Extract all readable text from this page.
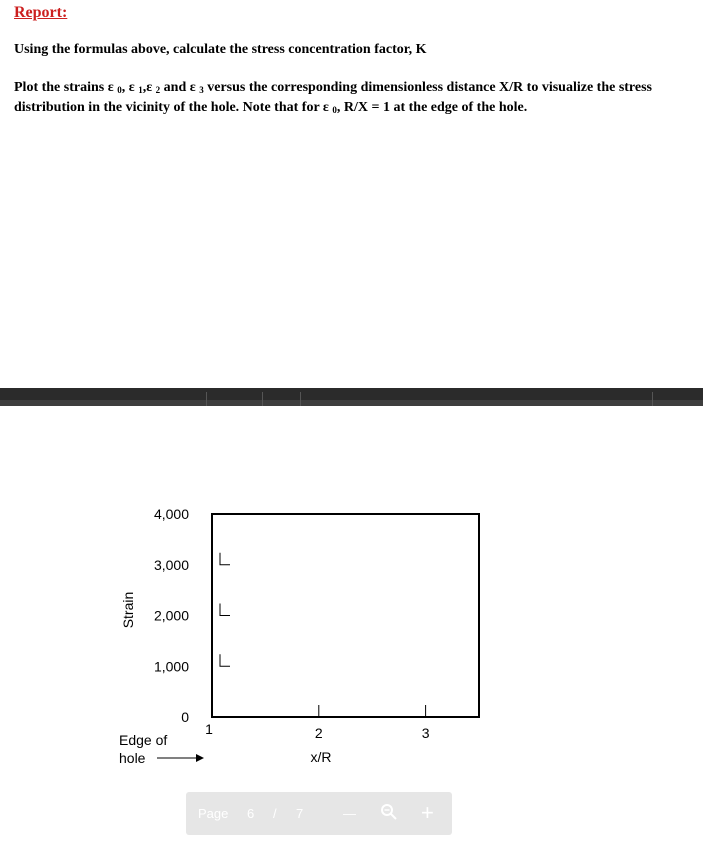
Report:
Using the formulas above, calculate the stress concentration factor, K
Plot the strains ε $_0$, ε $_1$,ε $_2$ and ε $_3$ versus the corresponding dimensionless distance X/R to visualize the stress distribution in the vicinity of the hole. Note that for ε $_0$, R/X = 1 at the edge of the hole.
0
1,000
2,000
3,000
4,000
1	2	3
Strain
x/R
Edge of
hole
Page 6 / 7	—	+
